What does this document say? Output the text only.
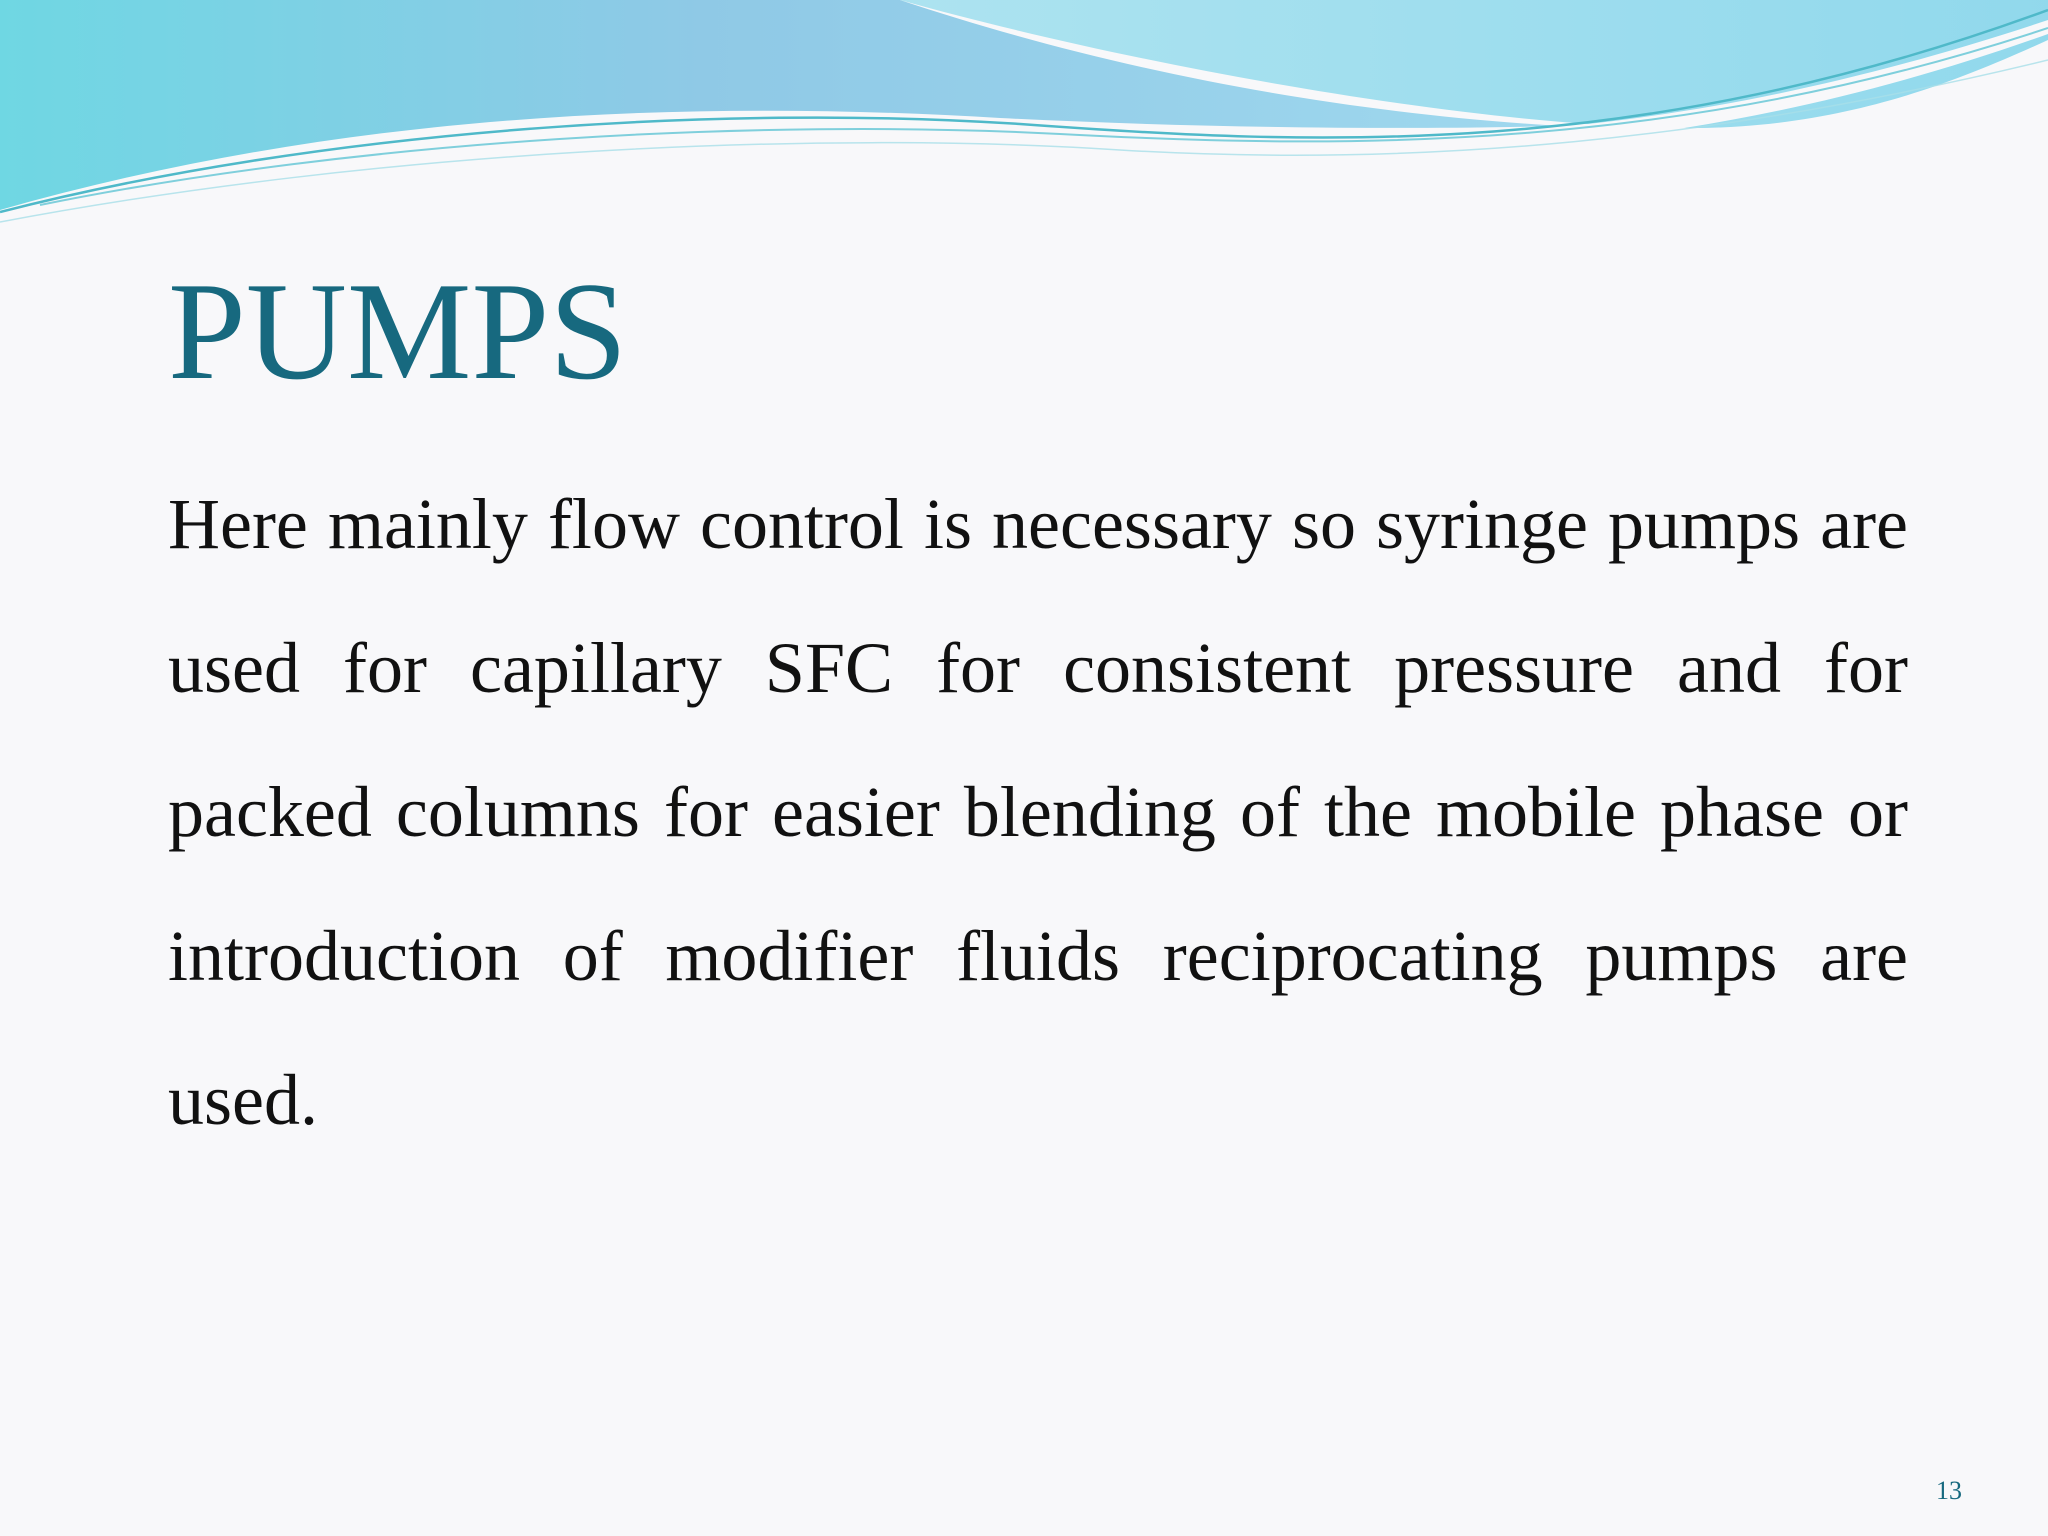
PUMPS

Here mainly flow control is necessary so syringe pumps are used for capillary SFC for consistent pressure and for packed columns for easier blending of the mobile phase or introduction of modifier fluids reciprocating pumps are used.

13
